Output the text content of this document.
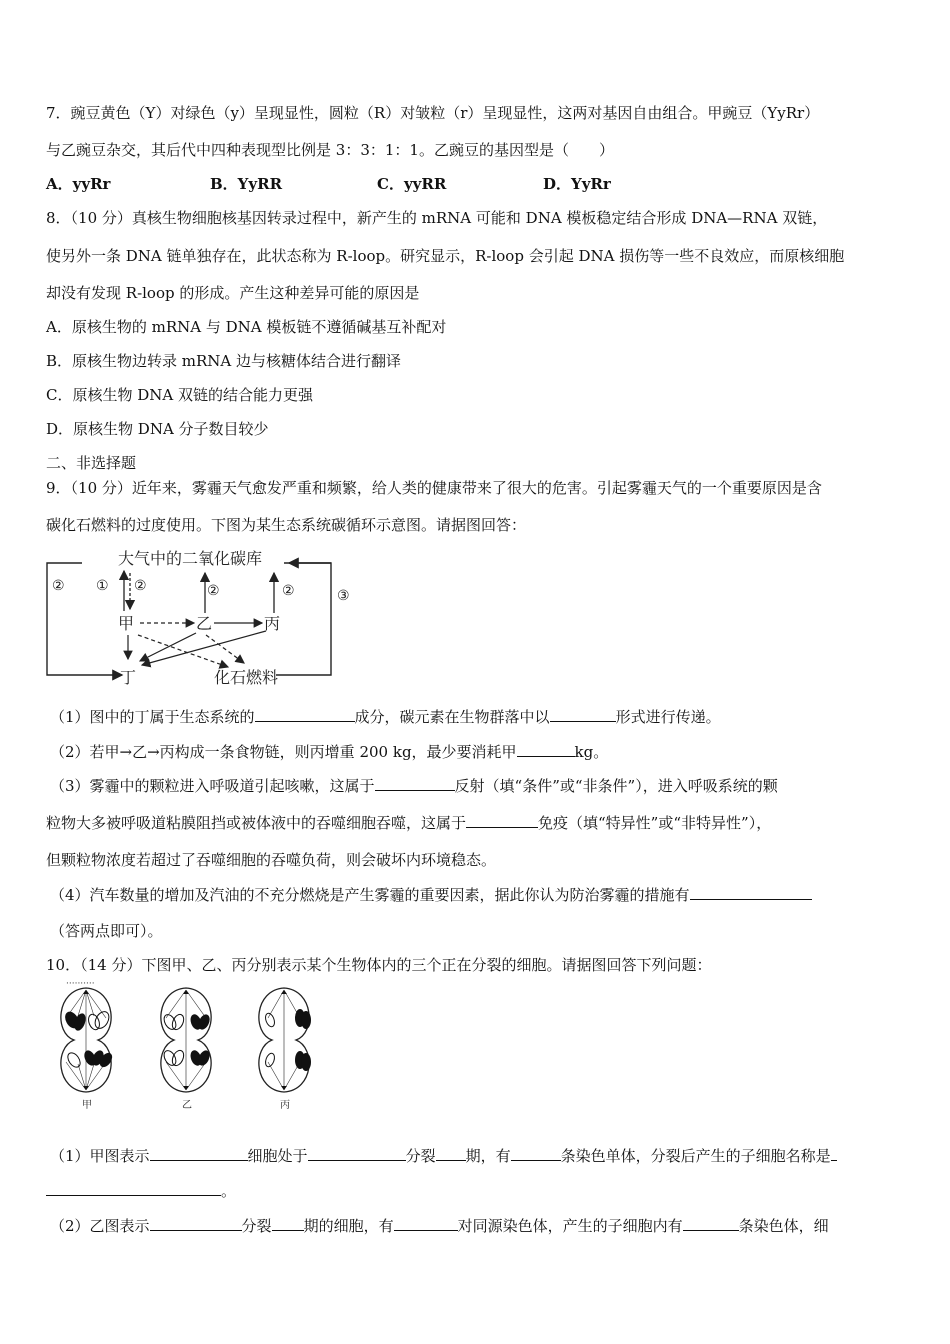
7．豌豆黄色（Y）对绿色（y）呈现显性，圆粒（R）对皱粒（r）呈现显性，这两对基因自由组合。甲豌豆（YyRr）
与乙豌豆杂交，其后代中四种表现型比例是 3：3：1：1。乙豌豆的基因型是（　　）
A．yyRr	B．YyRR	C．yyRR	D．YyRr
8．（10 分）真核生物细胞核基因转录过程中，新产生的 mRNA 可能和 DNA 模板稳定结合形成 DNA—RNA 双链，
使另外一条 DNA 链单独存在，此状态称为 R-loop。研究显示，R-loop 会引起 DNA 损伤等一些不良效应，而原核细胞
却没有发现 R-loop 的形成。产生这种差异可能的原因是
A．原核生物的 mRNA 与 DNA 模板链不遵循碱基互补配对
B．原核生物边转录 mRNA 边与核糖体结合进行翻译
C．原核生物 DNA 双链的结合能力更强
D．原核生物 DNA 分子数目较少
二、非选择题
9．（10 分）近年来，雾霾天气愈发严重和频繁，给人类的健康带来了很大的危害。引起雾霾天气的一个重要原因是含
碳化石燃料的过度使用。下图为某生态系统碳循环示意图。请据图回答：
大气中的二氧化碳库
甲	乙	丙
丁	化石燃料
② ① ②	②	②	③
（1）图中的丁属于生态系统的	成分，碳元素在生物群落中以	形式进行传递。
（2）若甲→乙→丙构成一条食物链，则丙增重 200 kg，最少要消耗甲	kg。
（3）雾霾中的颗粒进入呼吸道引起咳嗽，这属于	反射（填“条件”或“非条件”），进入呼吸系统的颗
粒物大多被呼吸道粘膜阻挡或被体液中的吞噬细胞吞噬，这属于	免疫（填“特异性”或“非特异性”），
但颗粒物浓度若超过了吞噬细胞的吞噬负荷，则会破坏内环境稳态。
（4）汽车数量的增加及汽油的不充分燃烧是产生雾霾的重要因素，据此你认为防治雾霾的措施有
（答两点即可）。
10．（14 分）下图甲、乙、丙分别表示某个生物体内的三个正在分裂的细胞。请据图回答下列问题：
··········
甲	乙	丙
（1）甲图表示	细胞处于	分裂 期，有	条染色单体，分裂后产生的子细胞名称是
。
（2）乙图表示	分裂 期的细胞，有	对同源染色体，产生的子细胞内有	条染色体，细
